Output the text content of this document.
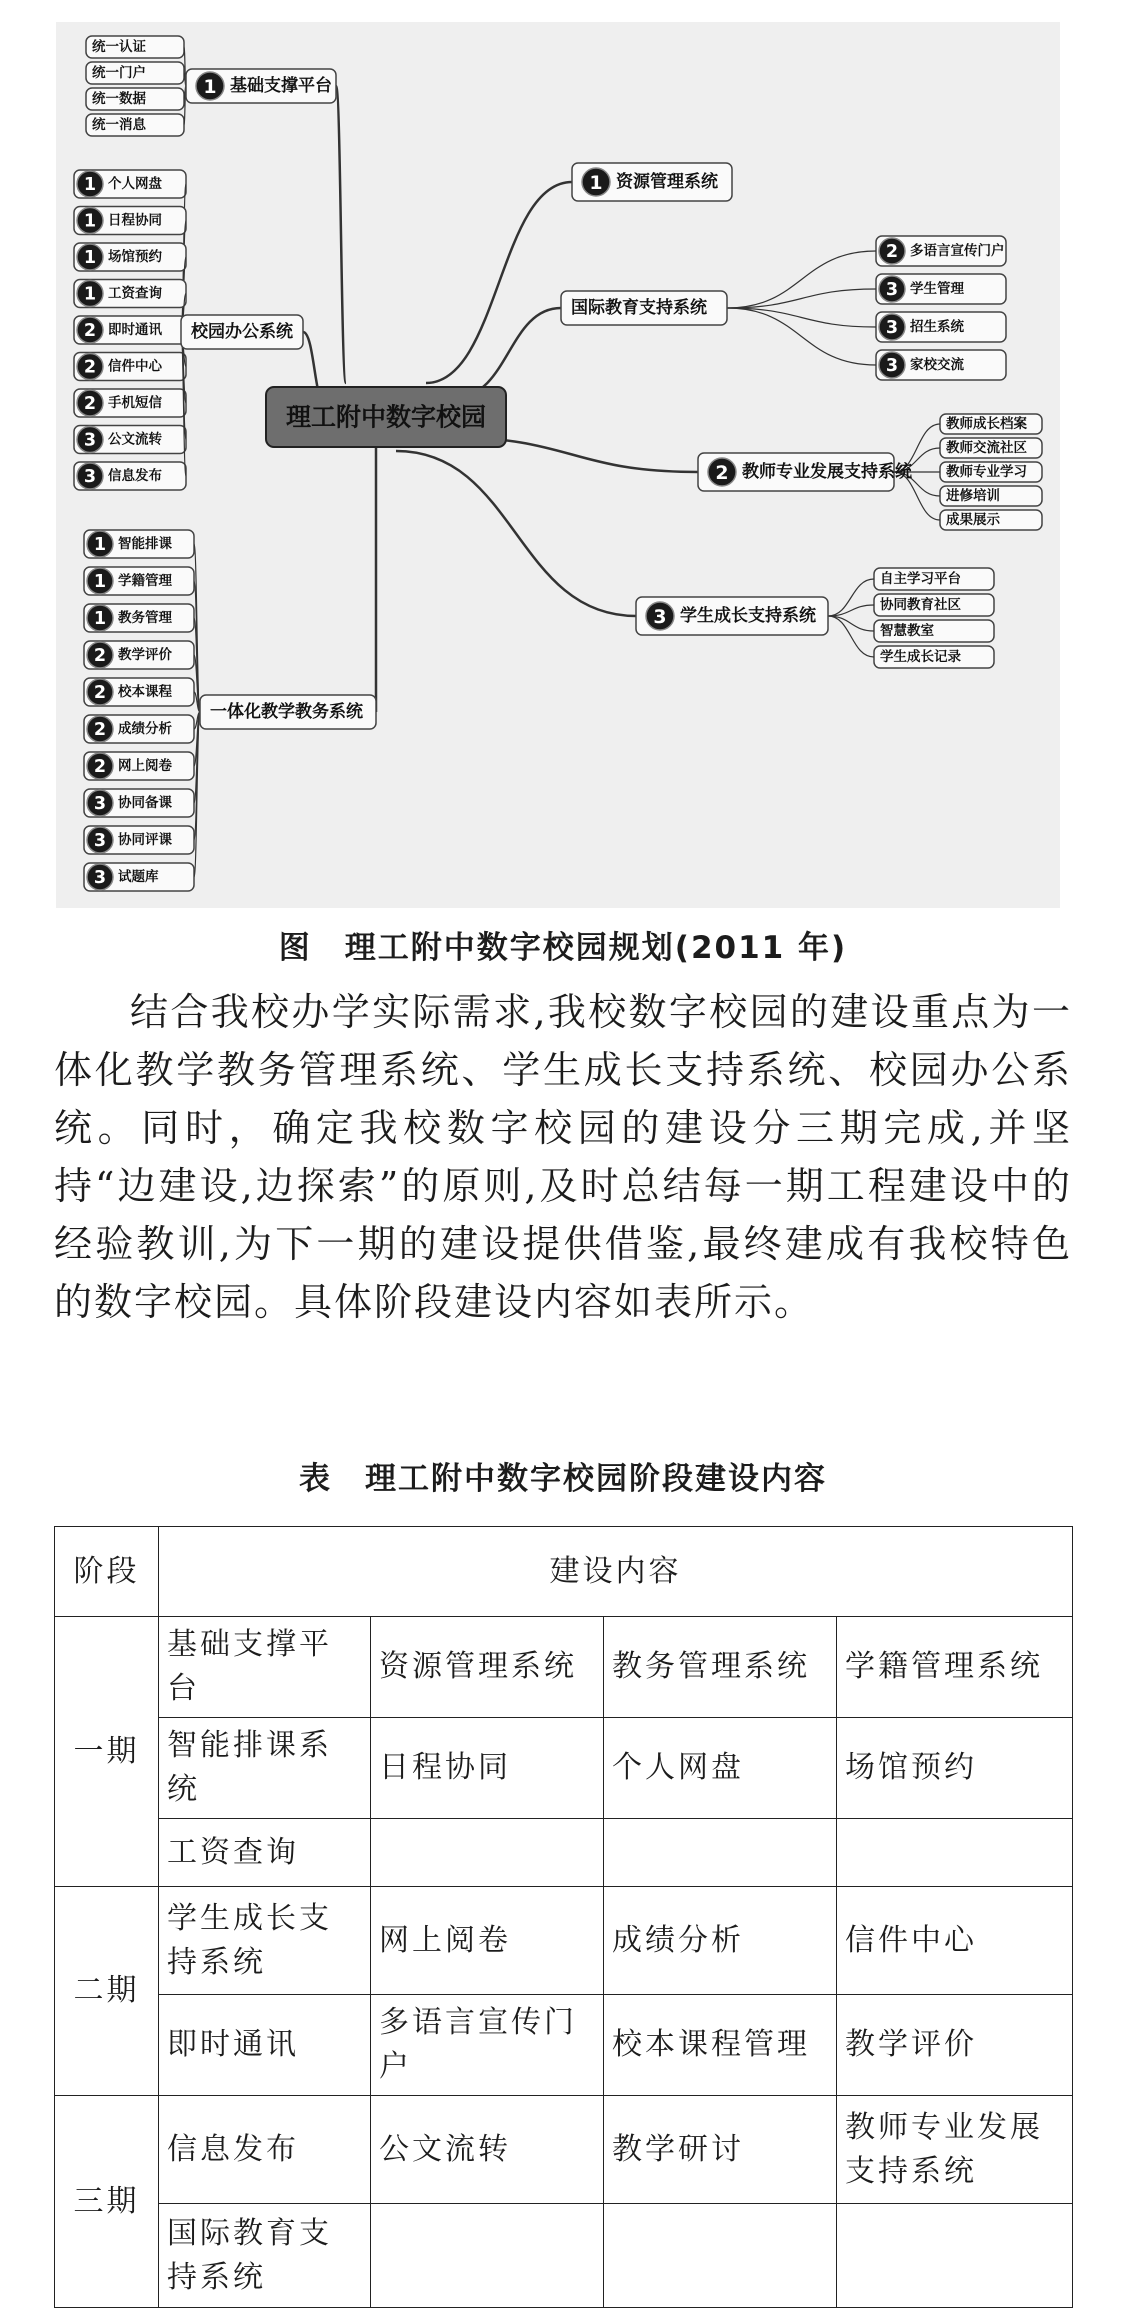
统一认证
统一门户
统一数据
统一消息
1 基础支撑平台
1 个人网盘
1 日程协同
1 场馆预约
1 工资查询
2 即时通讯
2 信件中心
2 手机短信
3 公文流转
3 信息发布
校园办公系统
1 智能排课
1 学籍管理
1 教务管理
2 教学评价
2 校本课程
2 成绩分析
2 网上阅卷
3 协同备课
3 协同评课
3 试题库
一体化教学教务系统
1 资源管理系统
2 多语言宣传门户
3 学生管理
3 招生系统
3 家校交流
国际教育支持系统
教师成长档案
教师交流社区
教师专业学习
进修培训
成果展示
2 教师专业发展支持系统
自主学习平台
协同教育社区
智慧教室
学生成长记录
3 学生成长支持系统
理工附中数字校园
图　理工附中数字校园规划(2011 年)

结合我校办学实际需求,我校数字校园的建设重点为一体化教学教务管理系统、学生成长支持系统、校园办公系统。同时，确定我校数字校园的建设分三期完成,并坚持“边建设,边探索”的原则,及时总结每一期工程建设中的经验教训,为下一期的建设提供借鉴,最终建成有我校特色的数字校园。具体阶段建设内容如表所示。

表　理工附中数字校园阶段建设内容
阶段	建设内容			
一期	基础支撑平台	资源管理系统	教务管理系统	学籍管理系统
	智能排课系统	日程协同	个人网盘	场馆预约
	工资查询			
二期	学生成长支持系统	网上阅卷	成绩分析	信件中心
	即时通讯	多语言宣传门户	校本课程管理	教学评价
三期	信息发布	公文流转	教学研讨	教师专业发展支持系统
	国际教育支持系统			
